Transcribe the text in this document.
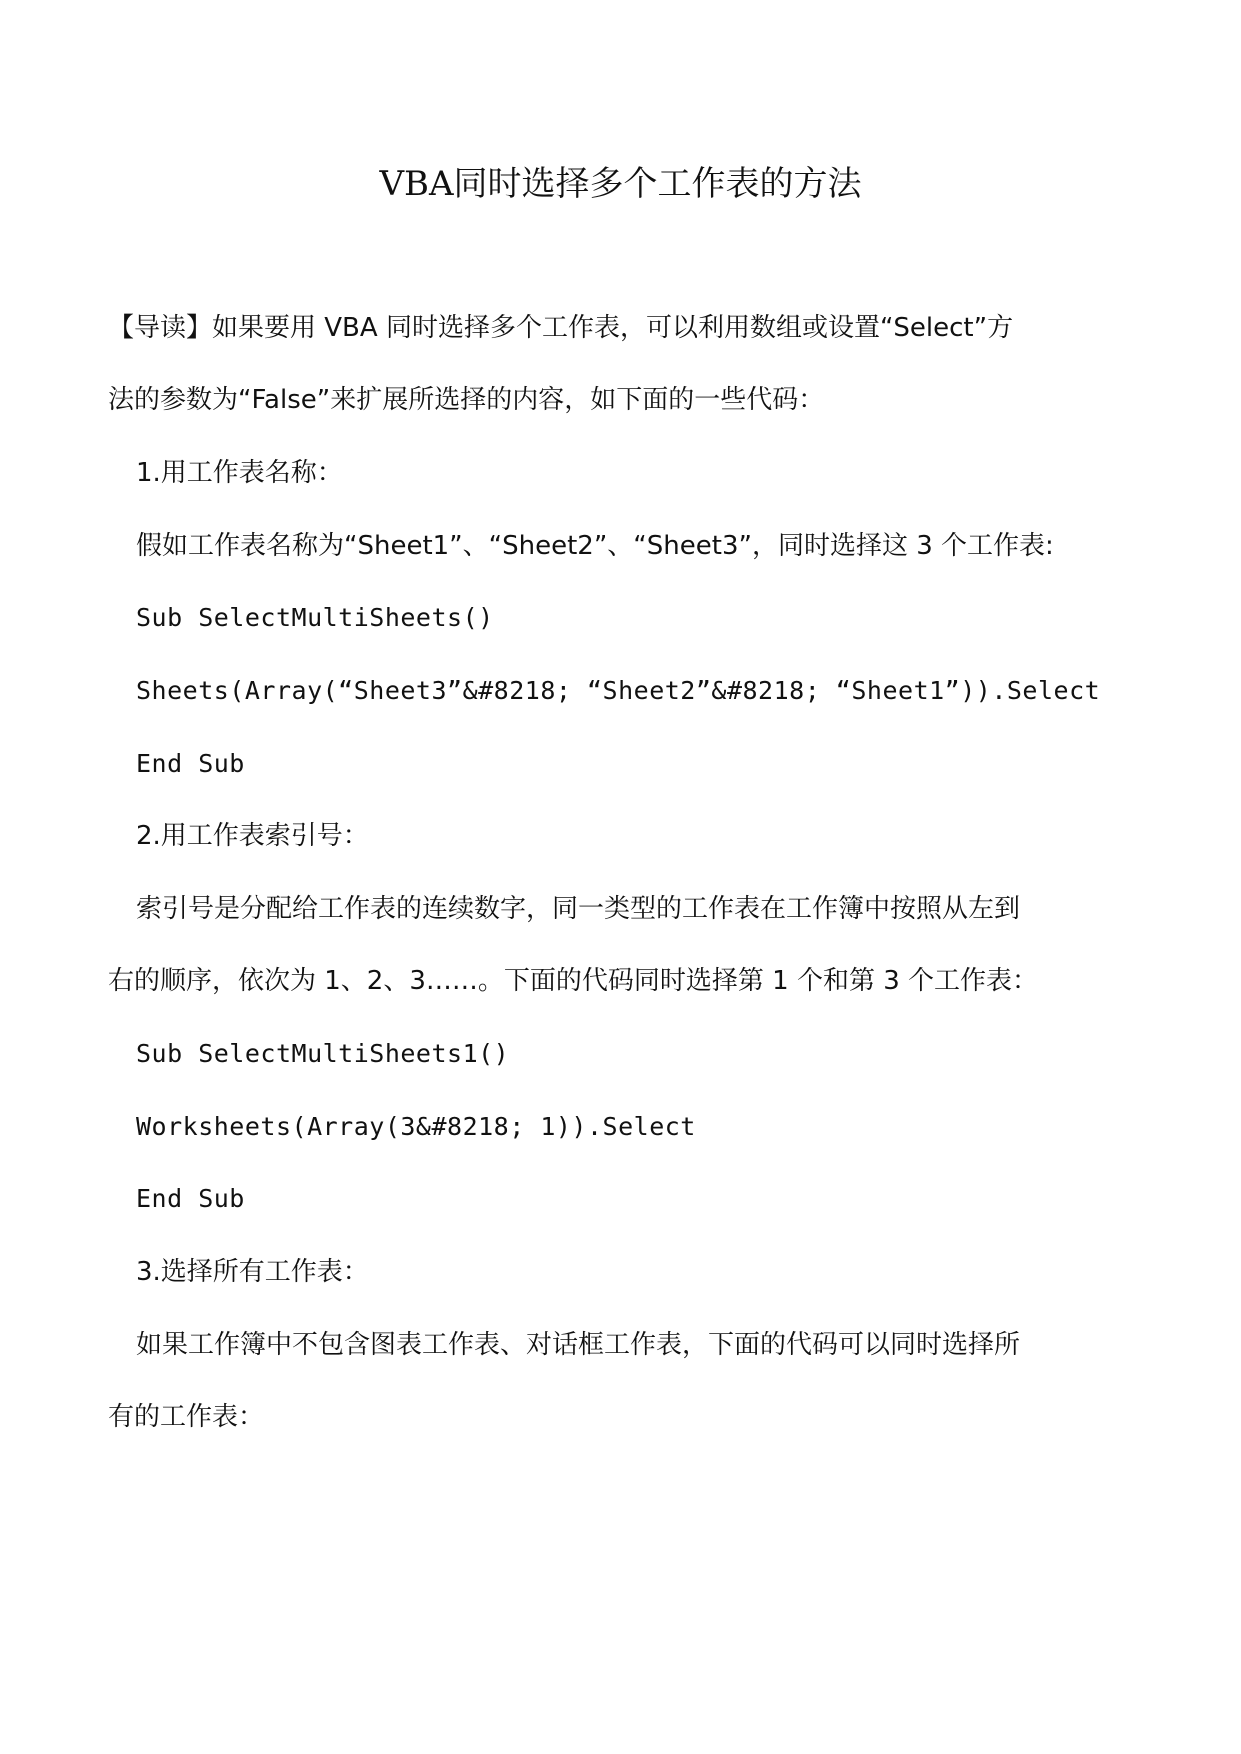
VBA同时选择多个工作表的方法
【导读】如果要用 VBA 同时选择多个工作表，可以利用数组或设置“Select”方
法的参数为“False”来扩展所选择的内容，如下面的一些代码：
1.用工作表名称：
假如工作表名称为“Sheet1”、“Sheet2”、“Sheet3”，同时选择这 3 个工作表:
Sub SelectMultiSheets()
Sheets(Array(“Sheet3”&#8218; “Sheet2”&#8218; “Sheet1”)).Select
End Sub
2.用工作表索引号：
索引号是分配给工作表的连续数字，同一类型的工作表在工作簿中按照从左到
右的顺序，依次为 1、2、3……。下面的代码同时选择第 1 个和第 3 个工作表：
Sub SelectMultiSheets1()
Worksheets(Array(3&#8218; 1)).Select
End Sub
3.选择所有工作表：
如果工作簿中不包含图表工作表、对话框工作表，下面的代码可以同时选择所
有的工作表：
